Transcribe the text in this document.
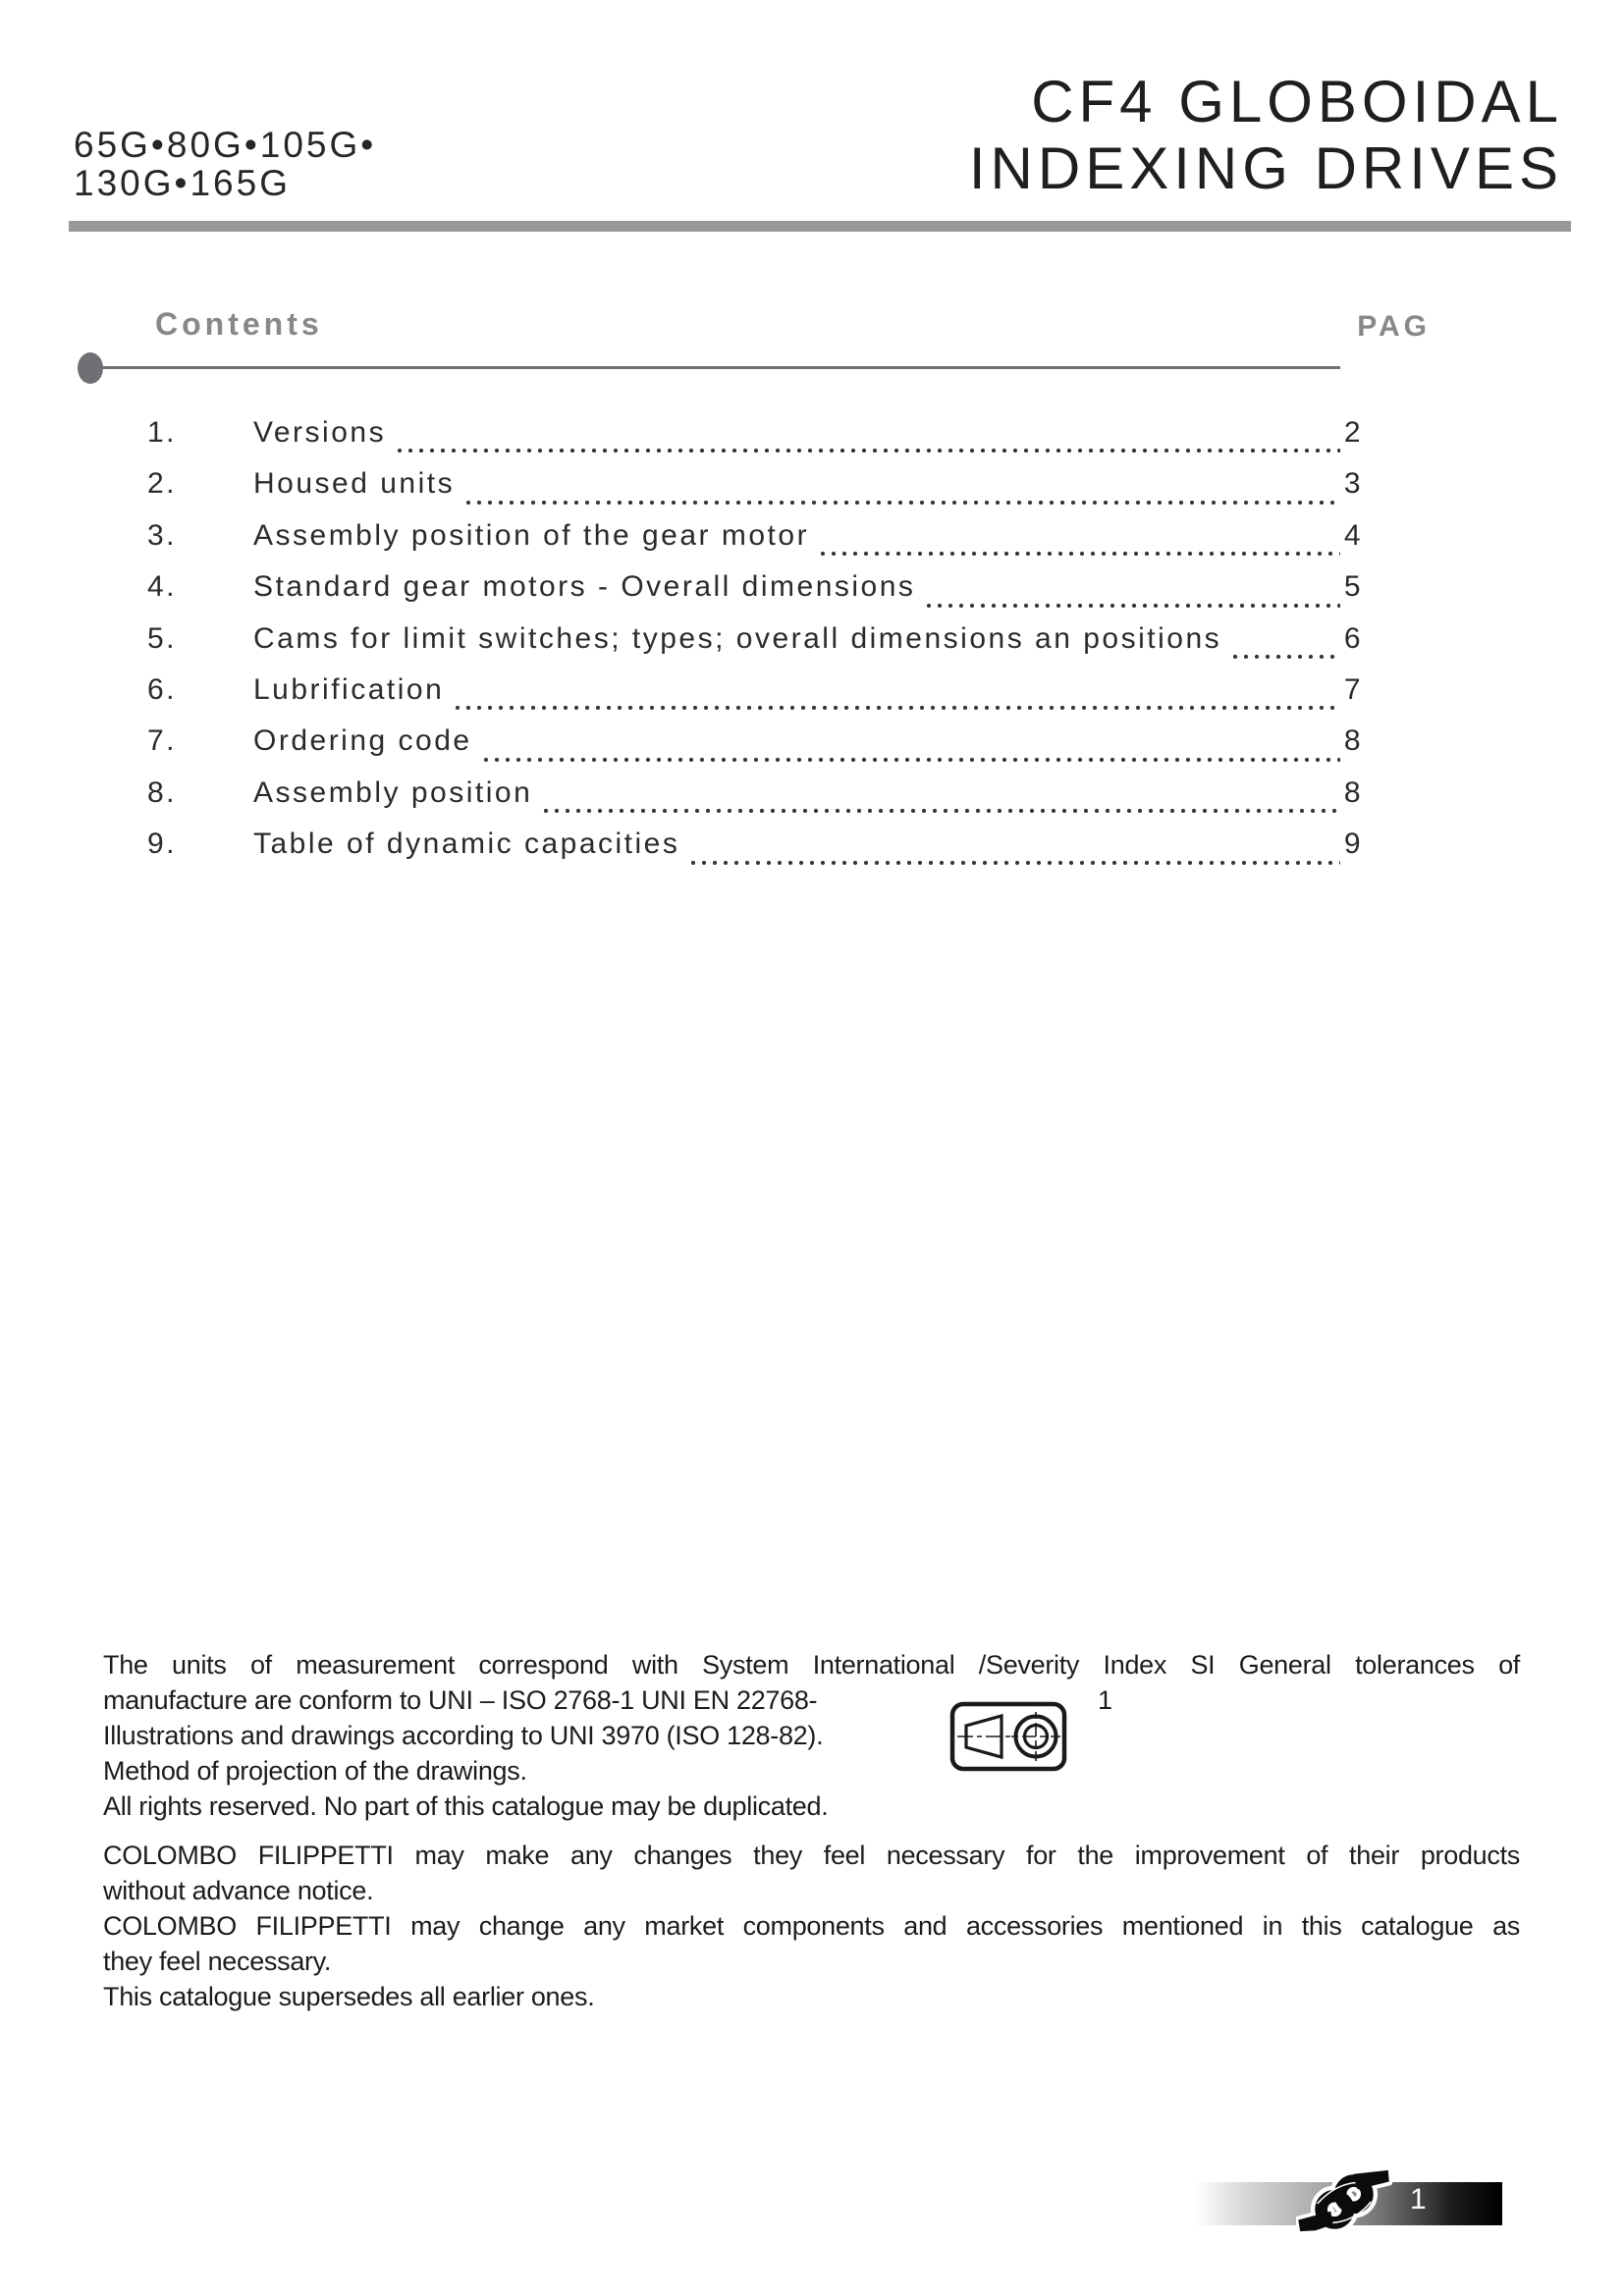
65G•80G•105G•
130G•165G
CF4 GLOBOIDAL
INDEXING DRIVES
Contents	PAG
1.	Versions	2
2.	Housed units	3
3.	Assembly position of the gear motor	4
4.	Standard gear motors - Overall dimensions	5
5.	Cams for limit switches; types; overall dimensions an positions	6
6.	Lubrification	7
7.	Ordering code	8
8.	Assembly position	8
9.	Table of dynamic capacities	9
The units of measurement correspond with System International /Severity Index SI General tolerances of
manufacture are conform to UNI – ISO 2768-1 UNI EN 22768-	1
Illustrations and drawings according to UNI 3970 (ISO 128-82).
Method of projection of the drawings.
All rights reserved. No part of this catalogue may be duplicated.
COLOMBO FILIPPETTI may make any changes they feel necessary for the improvement of their products
without advance notice.
COLOMBO FILIPPETTI may change any market components and accessories mentioned in this catalogue as
they feel necessary.
This catalogue supersedes all earlier ones.
1
